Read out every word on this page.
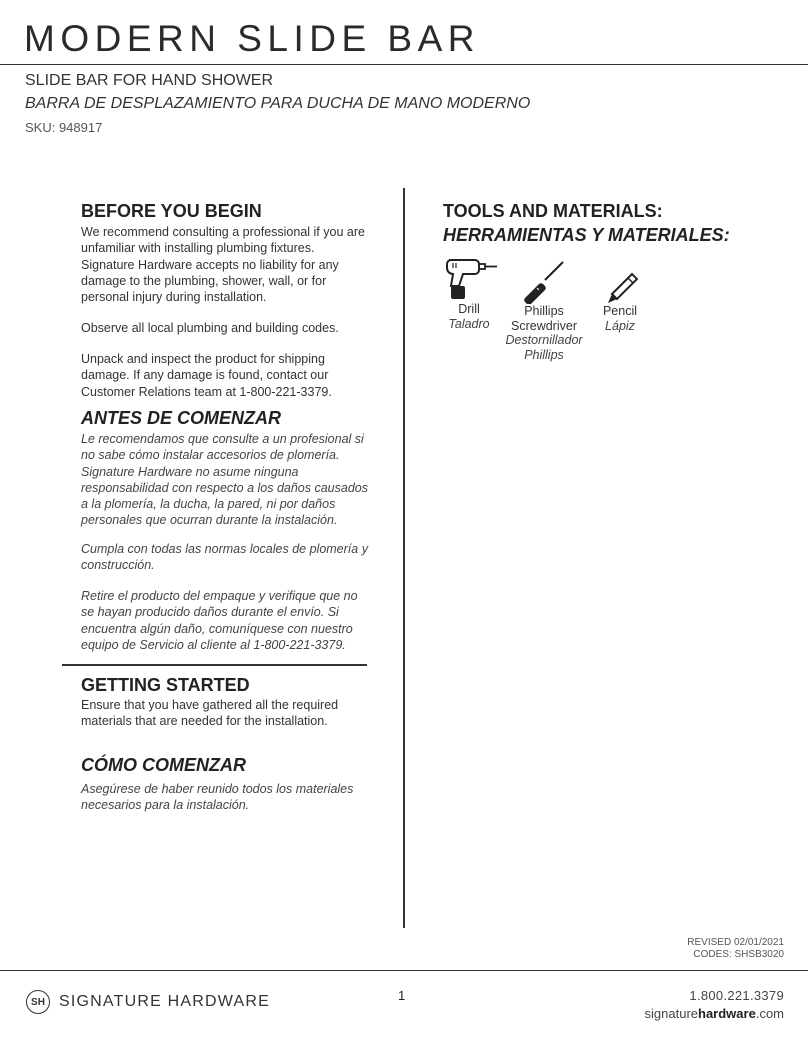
MODERN SLIDE BAR
SLIDE BAR FOR HAND SHOWER
BARRA DE DESPLAZAMIENTO PARA DUCHA DE MANO MODERNO
SKU: 948917
BEFORE YOU BEGIN

We recommend consulting a professional if you are unfamiliar with installing plumbing fixtures. Signature Hardware accepts no liability for any damage to the plumbing, shower, wall, or for personal injury during installation.

Observe all local plumbing and building codes.

Unpack and inspect the product for shipping damage. If any damage is found, contact our Customer Relations team at 1-800-221-3379.

ANTES DE COMENZAR

Le recomendamos que consulte a un profesional si no sabe cómo instalar accesorios de plomería. Signature Hardware no asume ninguna responsabilidad con respecto a los daños causados a la plomería, la ducha, la pared, ni por daños personales que ocurran durante la instalación.

Cumpla con todas las normas locales de plomería y construcción.

Retire el producto del empaque y verifique que no se hayan producido daños durante el envío. Si encuentra algún daño, comuníquese con nuestro equipo de Servicio al cliente al 1-800-221-3379.

GETTING STARTED

Ensure that you have gathered all the required materials that are needed for the installation.

CÓMO COMENZAR

Asegúrese de haber reunido todos los materiales necesarios para la instalación.

TOOLS AND MATERIALS:
HERRAMIENTAS Y MATERIALES:
Drill
Taladro
Phillips Screwdriver
Destornillador Phillips
Pencil
Lápiz
REVISED 02/01/2021
CODES: SHSB3020
SH SIGNATURE HARDWARE	1	1.800.221.3379
signaturehardware.com
